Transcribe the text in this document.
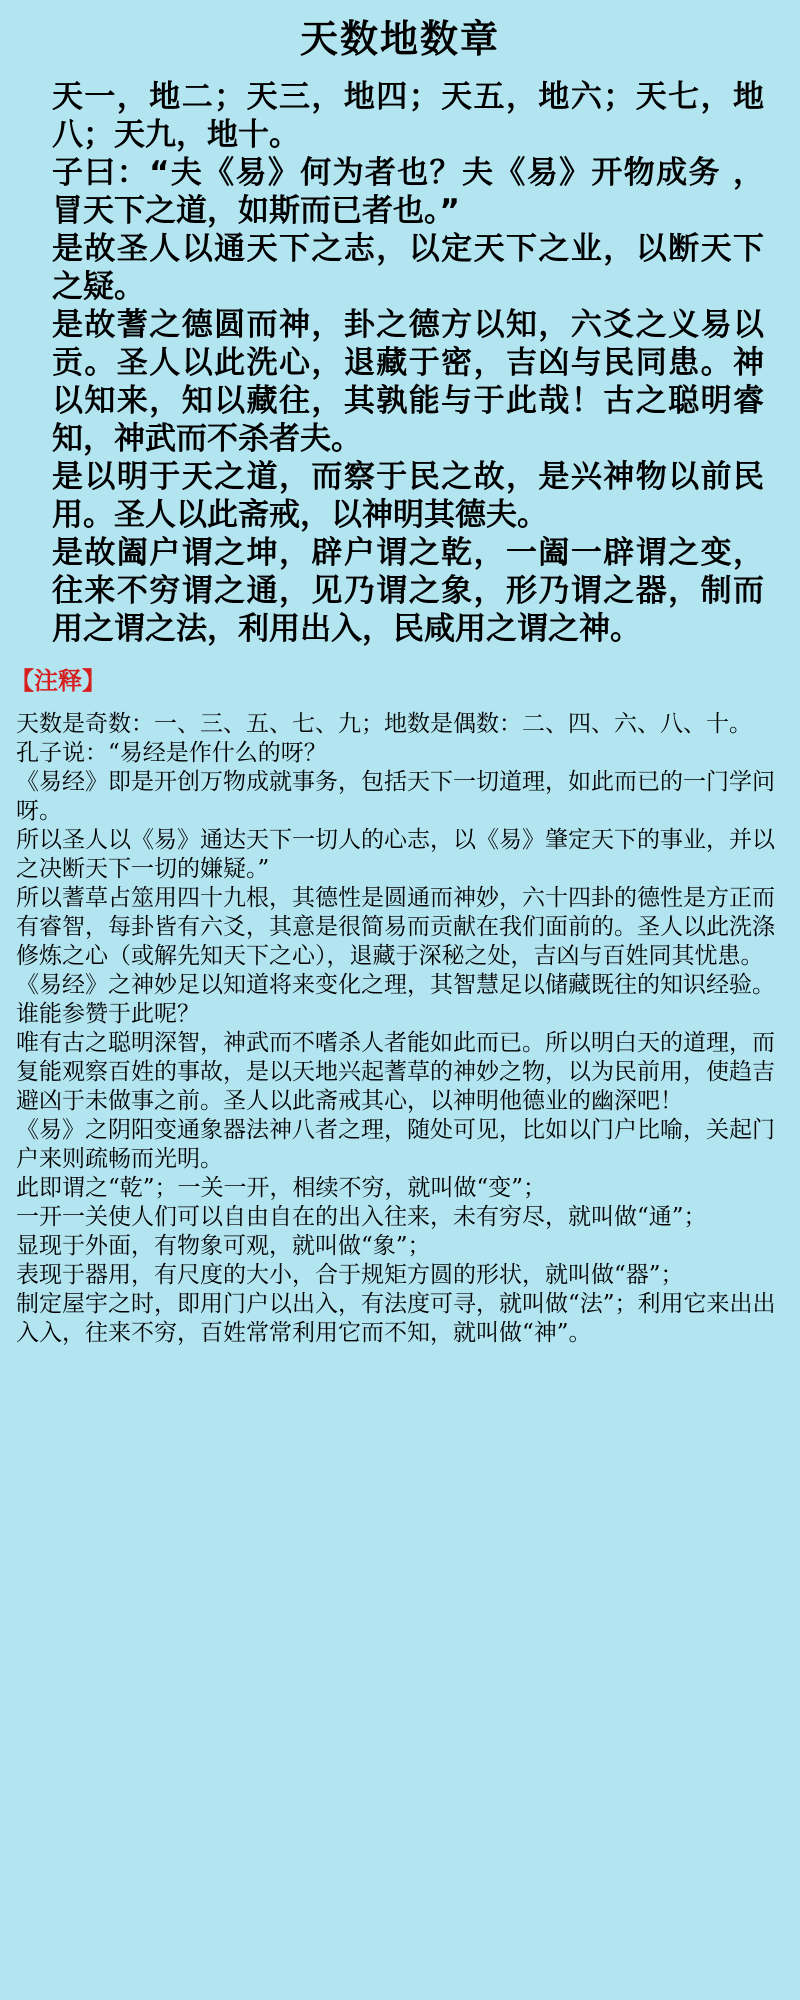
天数地数章

天一，地二；天三，地四；天五，地六；天七，地八；天九，地十。

子曰：“夫《易》何为者也？夫《易》开物成务 ，冒天下之道，如斯而已者也。”

是故圣人以通天下之志，以定天下之业，以断天下之疑。

是故蓍之德圆而神，卦之德方以知，六爻之义易以贡。圣人以此洗心，退藏于密，吉凶与民同患。神以知来，知以藏往，其孰能与于此哉！古之聪明睿知，神武而不杀者夫。

是以明于天之道，而察于民之故，是兴神物以前民用。圣人以此斋戒，以神明其德夫。

是故阖户谓之坤，辟户谓之乾，一阖一辟谓之变，往来不穷谓之通，见乃谓之象，形乃谓之器，制而用之谓之法，利用出入，民咸用之谓之神。

【注释】

天数是奇数：一、三、五、七、九；地数是偶数：二、四、六、八、十。

孔子说：“易经是作什么的呀？

《易经》即是开创万物成就事务，包括天下一切道理，如此而已的一门学问呀。

所以圣人以《易》通达天下一切人的心志，以《易》肇定天下的事业，并以之决断天下一切的嫌疑。”

所以蓍草占筮用四十九根，其德性是圆通而神妙，六十四卦的德性是方正而有睿智，每卦皆有六爻，其意是很简易而贡献在我们面前的。圣人以此洗涤修炼之心（或解先知天下之心），退藏于深秘之处，吉凶与百姓同其忧患。《易经》之神妙足以知道将来变化之理，其智慧足以储藏既往的知识经验。

谁能参赞于此呢？

唯有古之聪明深智，神武而不嗜杀人者能如此而已。所以明白天的道理，而复能观察百姓的事故，是以天地兴起蓍草的神妙之物，以为民前用，使趋吉避凶于未做事之前。圣人以此斋戒其心，以神明他德业的幽深吧！

《易》之阴阳变通象器法神八者之理，随处可见，比如以门户比喻，关起门户来则疏畅而光明。

此即谓之“乾”；一关一开，相续不穷，就叫做“变”；

一开一关使人们可以自由自在的出入往来，未有穷尽，就叫做“通”；

显现于外面，有物象可观，就叫做“象”；

表现于器用，有尺度的大小，合于规矩方圆的形状，就叫做“器”；

制定屋宇之时，即用门户以出入，有法度可寻，就叫做“法”；利用它来出出入入，往来不穷，百姓常常利用它而不知，就叫做“神”。
